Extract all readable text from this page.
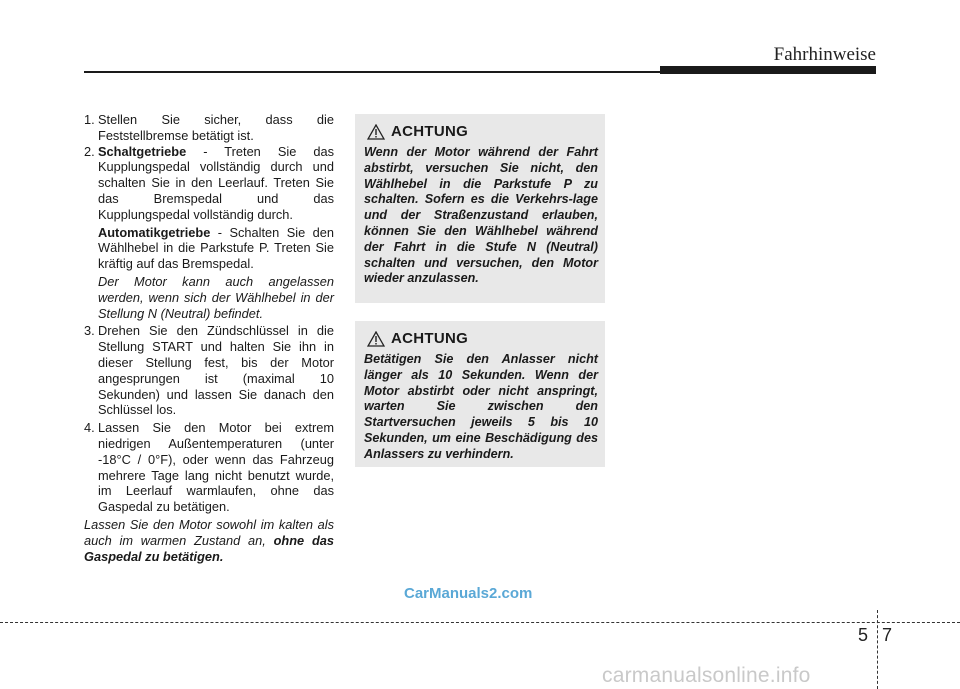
Fahrhinweise
1. Stellen Sie sicher, dass die Feststellbremse betätigt ist.
2. Schaltgetriebe - Treten Sie das Kupplungspedal vollständig durch und schalten Sie in den Leerlauf. Treten Sie das Bremspedal und das Kupplungspedal vollständig durch.
Automatikgetriebe - Schalten Sie den Wählhebel in die Parkstufe P. Treten Sie kräftig auf das Bremspedal.
Der Motor kann auch angelassen werden, wenn sich der Wählhebel in der Stellung N (Neutral) befindet.
3. Drehen Sie den Zündschlüssel in die Stellung START und halten Sie ihn in dieser Stellung fest, bis der Motor angesprungen ist (maximal 10 Sekunden) und lassen Sie danach den Schlüssel los.
4. Lassen Sie den Motor bei extrem niedrigen Außentemperaturen (unter -18°C / 0°F), oder wenn das Fahrzeug mehrere Tage lang nicht benutzt wurde, im Leerlauf warmlaufen, ohne das Gaspedal zu betätigen.
Lassen Sie den Motor sowohl im kalten als auch im warmen Zustand an, ohne das Gaspedal zu betätigen.
ACHTUNG
Wenn der Motor während der Fahrt abstirbt, versuchen Sie nicht, den Wählhebel in die Parkstufe P zu schalten. Sofern es die Verkehrs-lage und der Straßenzustand erlauben, können Sie den Wählhebel während der Fahrt in die Stufe N (Neutral) schalten und versuchen, den Motor wieder anzulassen.
ACHTUNG
Betätigen Sie den Anlasser nicht länger als 10 Sekunden. Wenn der Motor abstirbt oder nicht anspringt, warten Sie zwischen den Startversuchen jeweils 5 bis 10 Sekunden, um eine Beschädigung des Anlassers zu verhindern.
CarManuals2.com
5 7
carmanualsonline.info
